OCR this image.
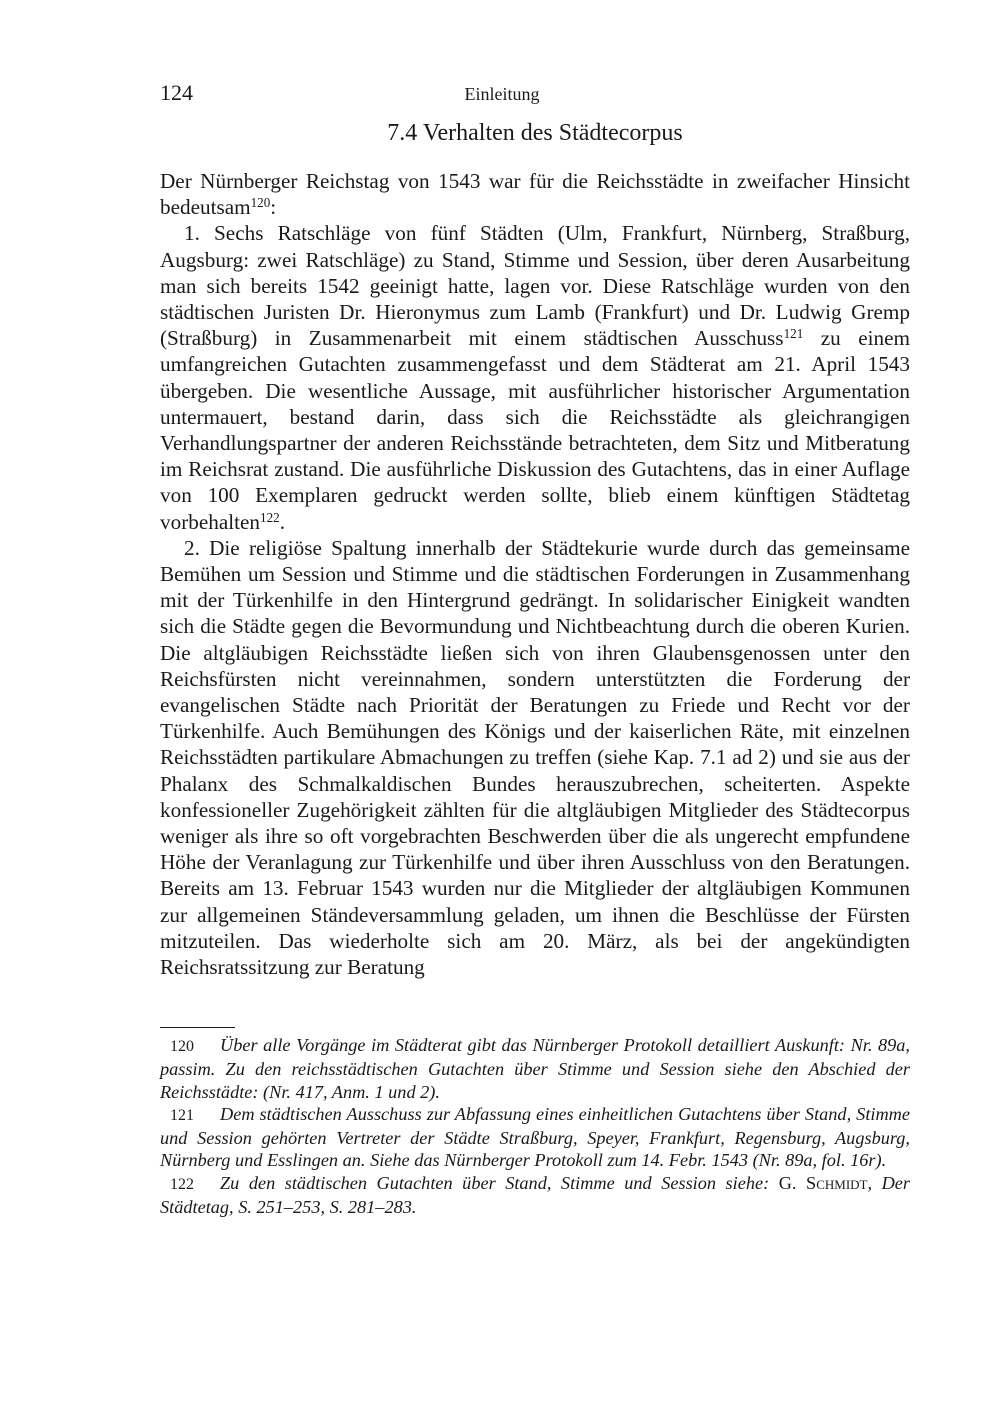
124	Einleitung
7.4 Verhalten des Städtecorpus

Der Nürnberger Reichstag von 1543 war für die Reichsstädte in zweifacher Hinsicht bedeutsam$^{120}$:

1. Sechs Ratschläge von fünf Städten (Ulm, Frankfurt, Nürnberg, Straßburg, Augsburg: zwei Ratschläge) zu Stand, Stimme und Session, über deren Ausarbeitung man sich bereits 1542 geeinigt hatte, lagen vor. Diese Ratschläge wurden von den städtischen Juristen Dr. Hieronymus zum Lamb (Frankfurt) und Dr. Ludwig Gremp (Straßburg) in Zusammenarbeit mit einem städtischen Ausschuss$^{121}$ zu einem umfangreichen Gutachten zusammengefasst und dem Städterat am 21. April 1543 übergeben. Die wesentliche Aussage, mit ausführlicher historischer Argumentation untermauert, bestand darin, dass sich die Reichsstädte als gleichrangigen Verhandlungspartner der anderen Reichsstände betrachteten, dem Sitz und Mitberatung im Reichsrat zustand. Die ausführliche Diskussion des Gutachtens, das in einer Auflage von 100 Exemplaren gedruckt werden sollte, blieb einem künftigen Städtetag vorbehalten$^{122}$.

2. Die religiöse Spaltung innerhalb der Städtekurie wurde durch das gemeinsame Bemühen um Session und Stimme und die städtischen Forderungen in Zusammenhang mit der Türkenhilfe in den Hintergrund gedrängt. In solidarischer Einigkeit wandten sich die Städte gegen die Bevormundung und Nichtbeachtung durch die oberen Kurien. Die altgläubigen Reichsstädte ließen sich von ihren Glaubensgenossen unter den Reichsfürsten nicht vereinnahmen, sondern unterstützten die Forderung der evangelischen Städte nach Priorität der Beratungen zu Friede und Recht vor der Türkenhilfe. Auch Bemühungen des Königs und der kaiserlichen Räte, mit einzelnen Reichsstädten partikulare Abmachungen zu treffen (siehe Kap. 7.1 ad 2) und sie aus der Phalanx des Schmalkaldischen Bundes herauszubrechen, scheiterten. Aspekte konfessioneller Zugehörigkeit zählten für die altgläubigen Mitglieder des Städtecorpus weniger als ihre so oft vorgebrachten Beschwerden über die als ungerecht empfundene Höhe der Veranlagung zur Türkenhilfe und über ihren Ausschluss von den Beratungen. Bereits am 13. Februar 1543 wurden nur die Mitglieder der altgläubigen Kommunen zur allgemeinen Ständeversammlung geladen, um ihnen die Beschlüsse der Fürsten mitzuteilen. Das wiederholte sich am 20. März, als bei der angekündigten Reichsratssitzung zur Beratung

120 Über alle Vorgänge im Städterat gibt das Nürnberger Protokoll detailliert Auskunft: Nr. 89a, passim. Zu den reichsstädtischen Gutachten über Stimme und Session siehe den Abschied der Reichsstädte: (Nr. 417, Anm. 1 und 2).

121 Dem städtischen Ausschuss zur Abfassung eines einheitlichen Gutachtens über Stand, Stimme und Session gehörten Vertreter der Städte Straßburg, Speyer, Frankfurt, Regensburg, Augsburg, Nürnberg und Esslingen an. Siehe das Nürnberger Protokoll zum 14. Febr. 1543 (Nr. 89a, fol. 16r).

122 Zu den städtischen Gutachten über Stand, Stimme und Session siehe: G. Schmidt, Der Städtetag, S. 251–253, S. 281–283.
